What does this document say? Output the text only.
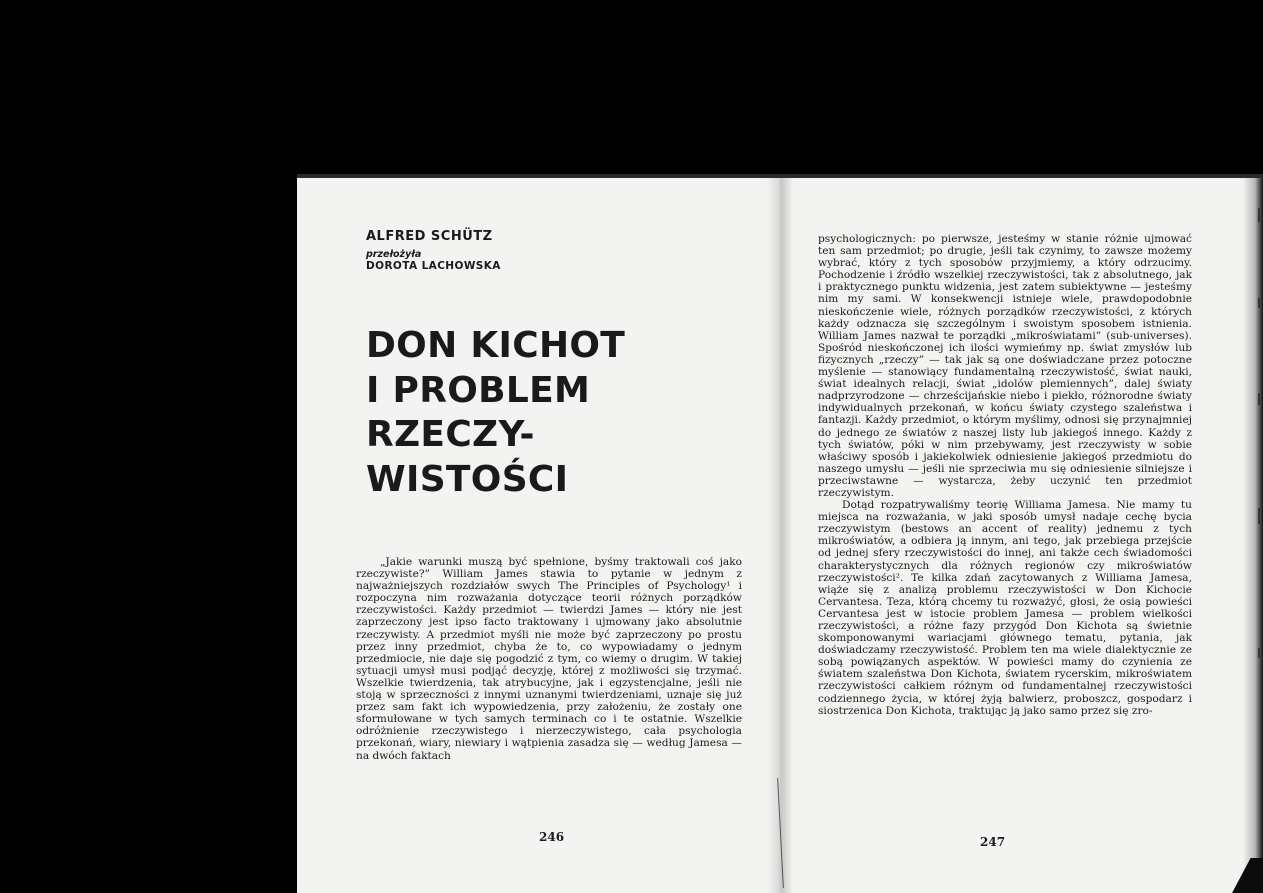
ALFRED SCHÜTZ
przełożyła
DOROTA LACHOWSKA
DON KICHOT
I PROBLEM
RZECZY-
WISTOŚCI

„Jakie warunki muszą być spełnione, byśmy traktowali coś jako rzeczywiste?” William James stawia to pytanie w jednym z najważniejszych rozdziałów swych The Principles of Psychology¹ i rozpoczyna nim rozważania dotyczące teorii różnych porządków rzeczywistości. Każdy przedmiot — twierdzi James — który nie jest zaprzeczony jest ipso facto traktowany i ujmowany jako absolutnie rzeczywisty. A przedmiot myśli nie może być zaprzeczony po prostu przez inny przedmiot, chyba że to, co wypowiadamy o jednym przedmiocie, nie daje się pogodzić z tym, co wiemy o drugim. W takiej sytuacji umysł musi podjąć decyzję, której z możliwości się trzymać. Wszelkie twierdzenia, tak atrybucyjne, jak i egzystencjalne, jeśli nie stoją w sprzeczności z innymi uznanymi twierdzeniami, uznaje się już przez sam fakt ich wypowiedzenia, przy założeniu, że zostały one sformułowane w tych samych terminach co i te ostatnie. Wszelkie odróżnienie rzeczywistego i nierzeczywistego, cała psychologia przekonań, wiary, niewiary i wątpienia zasadza się — według Jamesa — na dwóch faktach

246

psychologicznych: po pierwsze, jesteśmy w stanie różnie ujmować ten sam przedmiot; po drugie, jeśli tak czynimy, to zawsze możemy wybrać, który z tych sposobów przyjmiemy, a który odrzucimy. Pochodzenie i źródło wszelkiej rzeczywistości, tak z absolutnego, jak i praktycznego punktu widzenia, jest zatem subiektywne — jesteśmy nim my sami. W konsekwencji istnieje wiele, prawdopodobnie nieskończenie wiele, różnych porządków rzeczywistości, z których każdy odznacza się szczególnym i swoistym sposobem istnienia. William James nazwał te porządki „mikroświatami” (sub-universes). Spośród nieskończonej ich ilości wymieńmy np. świat zmysłów lub fizycznych „rzeczy” — tak jak są one doświadczane przez potoczne myślenie — stanowiący fundamentalną rzeczywistość, świat nauki, świat idealnych relacji, świat „idolów plemiennych”, dalej światy nadprzyrodzone — chrześcijańskie niebo i piekło, różnorodne światy indywidualnych przekonań, w końcu światy czystego szaleństwa i fantazji. Każdy przedmiot, o którym myślimy, odnosi się przynajmniej do jednego ze światów z naszej listy lub jakiegoś innego. Każdy z tych światów, póki w nim przebywamy, jest rzeczywisty w sobie właściwy sposób i jakiekolwiek odniesienie jakiegoś przedmiotu do naszego umysłu — jeśli nie sprzeciwia mu się odniesienie silniejsze i przeciwstawne — wystarcza, żeby uczynić ten przedmiot rzeczywistym.

Dotąd rozpatrywaliśmy teorię Williama Jamesa. Nie mamy tu miejsca na rozważania, w jaki sposób umysł nadaje cechę bycia rzeczywistym (bestows an accent of reality) jednemu z tych mikroświatów, a odbiera ją innym, ani tego, jak przebiega przejście od jednej sfery rzeczywistości do innej, ani także cech świadomości charakterystycznych dla różnych regionów czy mikroświatów rzeczywistości². Te kilka zdań zacytowanych z Williama Jamesa, wiąże się z analizą problemu rzeczywistości w Don Kichocie Cervantesa. Teza, którą chcemy tu rozważyć, głosi, że osią powieści Cervantesa jest w istocie problem Jamesa — problem wielkości rzeczywistości, a różne fazy przygód Don Kichota są świetnie skomponowanymi wariacjami głównego tematu, pytania, jak doświadczamy rzeczywistość. Problem ten ma wiele dialektycznie ze sobą powiązanych aspektów. W powieści mamy do czynienia ze światem szaleństwa Don Kichota, światem rycerskim, mikroświatem rzeczywistości całkiem różnym od fundamentalnej rzeczywistości codziennego życia, w której żyją balwierz, proboszcz, gospodarz i siostrzenica Don Kichota, traktując ją jako samo przez się zro-

247
